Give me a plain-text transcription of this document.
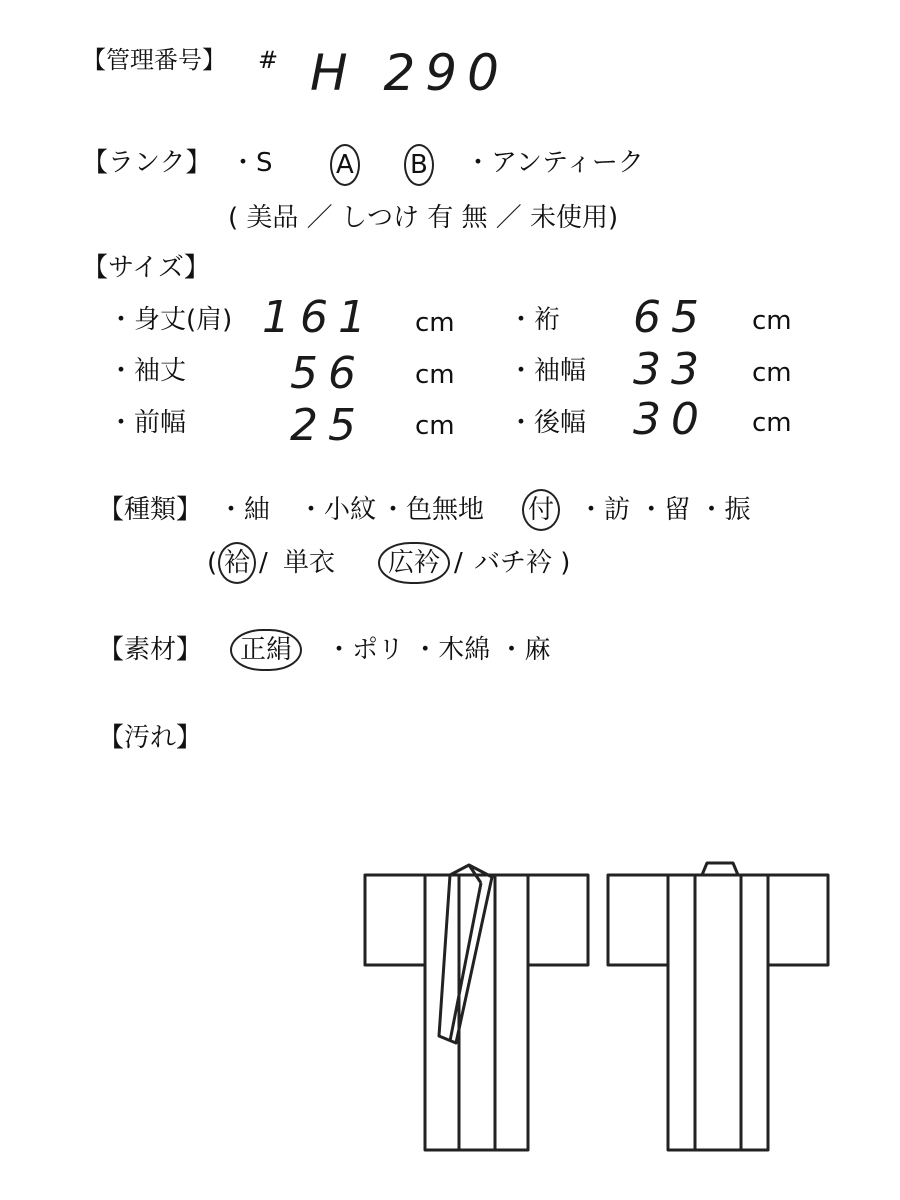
【管理番号】 # H 290
【ランク】 ・S A B ・アンティーク
( 美品 ／ しつけ 有 無 ／ 未使用)
【サイズ】
・身丈(肩) 161 cm ・裄 65 cm
・袖丈 56 cm ・袖幅 33 cm
・前幅 25 cm ・後幅 30 cm
【種類】 ・紬 ・小紋 ・色無地 付 ・訪 ・留 ・振
( 袷 / 単衣 広衿 / バチ衿 )
【素材】 正絹 ・ポリ ・木綿 ・麻
【汚れ】
